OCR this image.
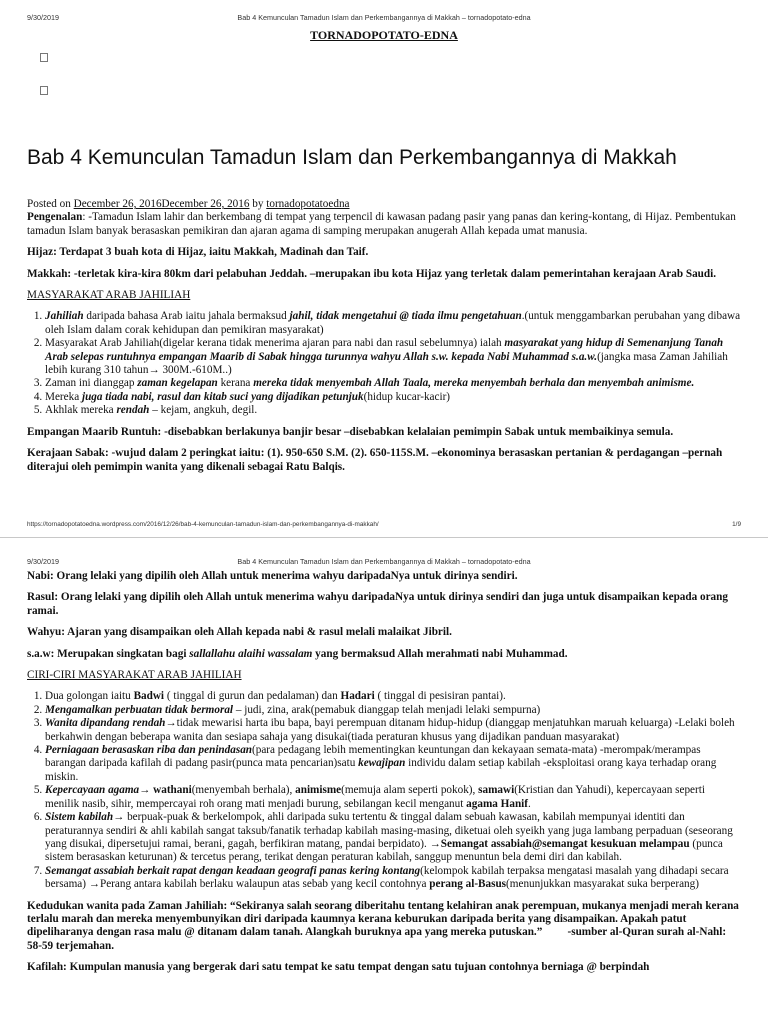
9/30/2019	Bab 4 Kemunculan Tamadun Islam dan Perkembangannya di Makkah – tornadopotato-edna
TORNADOPOTATO-EDNA
Bab 4 Kemunculan Tamadun Islam dan Perkembangannya di Makkah

Posted on December 26, 2016December 26, 2016 by tornadopotatoedna

Pengenalan: -Tamadun Islam lahir dan berkembang di tempat yang terpencil di kawasan padang pasir yang panas dan kering-kontang, di Hijaz. Pembentukan tamadun Islam banyak berasaskan pemikiran dan ajaran agama di samping merupakan anugerah Allah kepada umat manusia.

Hijaz: Terdapat 3 buah kota di Hijaz, iaitu Makkah, Madinah dan Taif.

Makkah: -terletak kira-kira 80km dari pelabuhan Jeddah. –merupakan ibu kota Hijaz yang terletak dalam pemerintahan kerajaan Arab Saudi.

MASYARAKAT ARAB JAHILIAH

1. Jahiliah daripada bahasa Arab iaitu jahala bermaksud jahil, tidak mengetahui @ tiada ilmu pengetahuan.(untuk menggambarkan perubahan yang dibawa oleh Islam dalam corak kehidupan dan pemikiran masyarakat)
2. Masyarakat Arab Jahiliah(digelar kerana tidak menerima ajaran para nabi dan rasul sebelumnya) ialah masyarakat yang hidup di Semenanjung Tanah Arab selepas runtuhnya empangan Maarib di Sabak hingga turunnya wahyu Allah s.w. kepada Nabi Muhammad s.a.w.(jangka masa Zaman Jahiliah lebih kurang 310 tahun→ 300M.-610M..)
3. Zaman ini dianggap zaman kegelapan kerana mereka tidak menyembah Allah Taala, mereka menyembah berhala dan menyembah animisme.
4. Mereka juga tiada nabi, rasul dan kitab suci yang dijadikan petunjuk(hidup kucar-kacir)
5. Akhlak mereka rendah – kejam, angkuh, degil.

Empangan Maarib Runtuh: -disebabkan berlakunya banjir besar –disebabkan kelalaian pemimpin Sabak untuk membaikinya semula.

Kerajaan Sabak: -wujud dalam 2 peringkat iaitu: (1). 950-650 S.M. (2). 650-115S.M. –ekonominya berasaskan pertanian & perdagangan –pernah diterajui oleh pemimpin wanita yang dikenali sebagai Ratu Balqis.

https://tornadopotatoedna.wordpress.com/2016/12/26/bab-4-kemunculan-tamadun-islam-dan-perkembangannya-di-makkah/	1/9
9/30/2019	Bab 4 Kemunculan Tamadun Islam dan Perkembangannya di Makkah – tornadopotato-edna

Nabi: Orang lelaki yang dipilih oleh Allah untuk menerima wahyu daripadaNya untuk dirinya sendiri.

Rasul: Orang lelaki yang dipilih oleh Allah untuk menerima wahyu daripadaNya untuk dirinya sendiri dan juga untuk disampaikan kepada orang ramai.

Wahyu: Ajaran yang disampaikan oleh Allah kepada nabi & rasul melali malaikat Jibril.

s.a.w: Merupakan singkatan bagi sallallahu alaihi wassalam yang bermaksud Allah merahmati nabi Muhammad.

CIRI-CIRI MASYARAKAT ARAB JAHILIAH

1. Dua golongan iaitu Badwi ( tinggal di gurun dan pedalaman) dan Hadari ( tinggal di pesisiran pantai).
2. Mengamalkan perbuatan tidak bermoral – judi, zina, arak(pemabuk dianggap telah menjadi lelaki sempurna)
3. Wanita dipandang rendah→tidak mewarisi harta ibu bapa, bayi perempuan ditanam hidup-hidup (dianggap menjatuhkan maruah keluarga) -Lelaki boleh berkahwin dengan beberapa wanita dan sesiapa sahaja yang disukai(tiada peraturan khusus yang dijadikan panduan masyarakat)
4. Perniagaan berasaskan riba dan penindasan(para pedagang lebih mementingkan keuntungan dan kekayaan semata-mata) -merompak/merampas barangan daripada kafilah di padang pasir(punca mata pencarian)satu kewajipan individu dalam setiap kabilah -eksploitasi orang kaya terhadap orang miskin.
5. Kepercayaan agama→ wathani(menyembah berhala), animisme(memuja alam seperti pokok), samawi(Kristian dan Yahudi), kepercayaan seperti menilik nasib, sihir, mempercayai roh orang mati menjadi burung, sebilangan kecil menganut agama Hanif.
6. Sistem kabilah→ berpuak-puak & berkelompok, ahli daripada suku tertentu & tinggal dalam sebuah kawasan, kabilah mempunyai identiti dan peraturannya sendiri & ahli kabilah sangat taksub/fanatik terhadap kabilah masing-masing, diketuai oleh syeikh yang juga lambang perpaduan (seseorang yang disukai, dipersetujui ramai, berani, gagah, berfikiran matang, pandai berpidato). →Semangat assabiah@semangat kesukuan melampau (punca sistem berasaskan keturunan) & tercetus perang, terikat dengan peraturan kabilah, sanggup menuntun bela demi diri dan kabilah.
7. Semangat assabiah berkait rapat dengan keadaan geografi panas kering kontang(kelompok kabilah terpaksa mengatasi masalah yang dihadapi secara bersama) →Perang antara kabilah berlaku walaupun atas sebab yang kecil contohnya perang al-Basus(menunjukkan masyarakat suka berperang)

Kedudukan wanita pada Zaman Jahiliah: “Sekiranya salah seorang diberitahu tentang kelahiran anak perempuan, mukanya menjadi merah kerana terlalu marah dan mereka menyembunyikan diri daripada kaumnya kerana keburukan daripada berita yang disampaikan. Apakah patut dipeliharanya dengan rasa malu @ ditanam dalam tanah. Alangkah buruknya apa yang mereka putuskan.” -sumber al-Quran surah al-Nahl: 58-59 terjemahan.

Kafilah: Kumpulan manusia yang bergerak dari satu tempat ke satu tempat dengan satu tujuan contohnya berniaga @ berpindah
